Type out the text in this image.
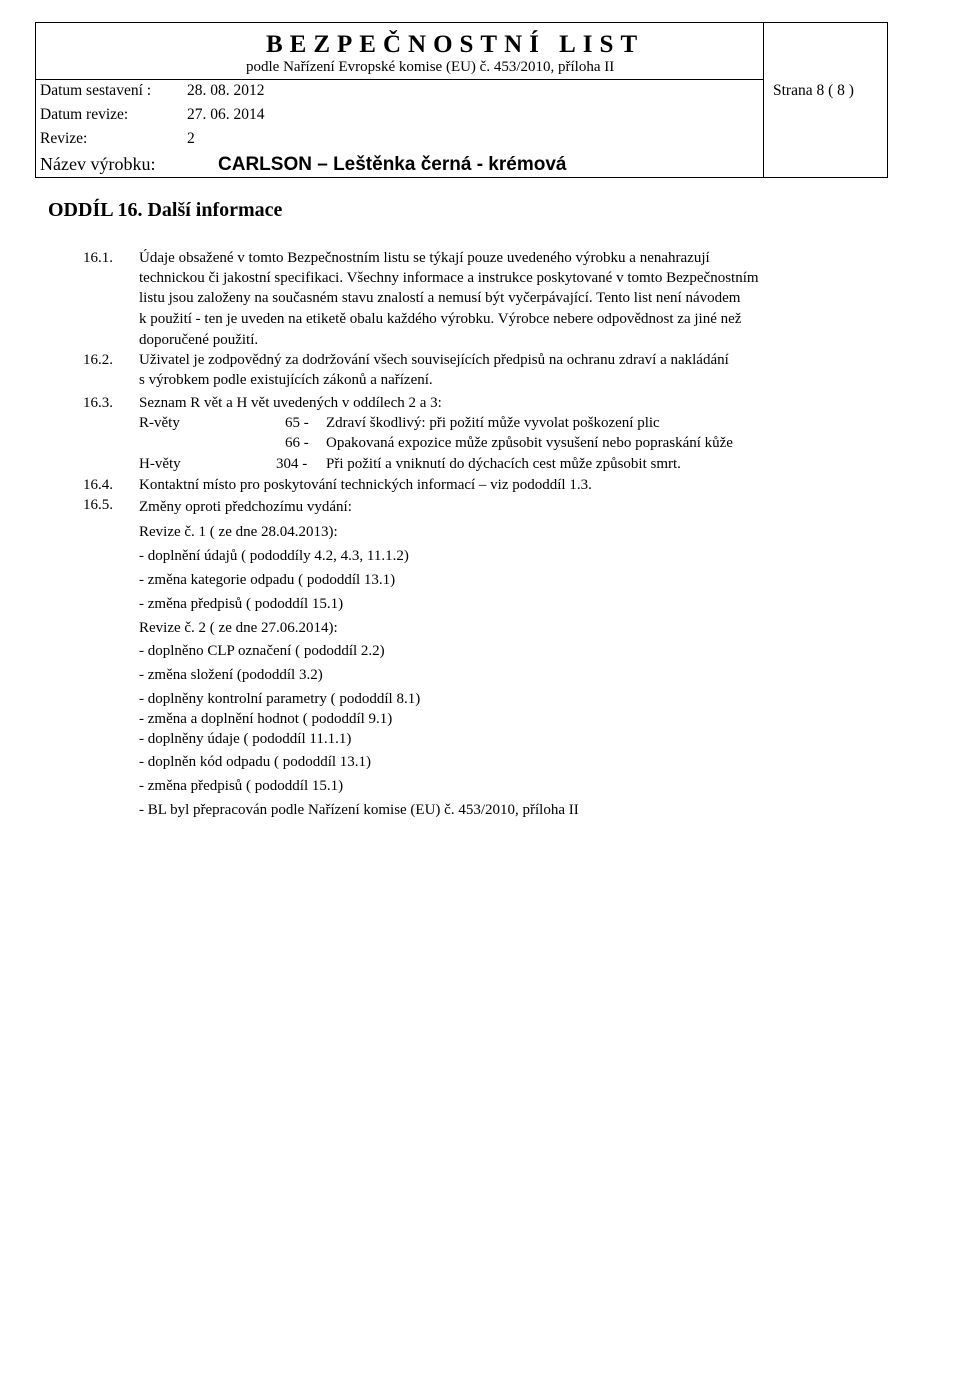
BEZPEČNOSTNÍ LIST
podle Nařízení Evropské komise (EU) č. 453/2010, příloha II
Datum sestavení : 28. 08. 2012
Datum revize:	27. 06. 2014
Revize:	2
Strana 8 ( 8 )
Název výrobku:	CARLSON – Leštěnka černá - krémová
ODDÍL 16. Další informace
16.1. Údaje obsažené v tomto Bezpečnostním listu se týkají pouze uvedeného výrobku a nenahrazují
technickou či jakostní specifikaci. Všechny informace a instrukce poskytované v tomto Bezpečnostním
listu jsou založeny na současném stavu znalostí a nemusí být vyčerpávající. Tento list není návodem
k použití - ten je uveden na etiketě obalu každého výrobku. Výrobce nebere odpovědnost za jiné než
doporučené použití.
16.2. Uživatel je zodpovědný za dodržování všech souvisejících předpisů na ochranu zdraví a nakládání
s výrobkem podle existujících zákonů a nařízení.
16.3. Seznam R vět a H vět uvedených v oddílech 2 a 3:
R-věty	65 - Zdraví škodlivý: při požití může vyvolat poškození plic
66 - Opakovaná expozice může způsobit vysušení nebo popraskání kůže
H-věty	304 - Při požití a vniknutí do dýchacích cest může způsobit smrt.
16.4. Kontaktní místo pro poskytování technických informací – viz pododdíl 1.3.
16.5. Změny oproti předchozímu vydání:
Revize č. 1 ( ze dne 28.04.2013):
- doplnění údajů ( pododdíly 4.2, 4.3, 11.1.2)
- změna kategorie odpadu ( pododdíl 13.1)
- změna předpisů ( pododdíl 15.1)
Revize č. 2 ( ze dne 27.06.2014):
- doplněno CLP označení ( pododdíl 2.2)
- změna složení (pododdíl 3.2)
- doplněny kontrolní parametry ( pododdíl 8.1)
- změna a doplnění hodnot ( pododdíl 9.1)
- doplněny údaje ( pododdíl 11.1.1)
- doplněn kód odpadu ( pododdíl 13.1)
- změna předpisů ( pododdíl 15.1)
- BL byl přepracován podle Nařízení komise (EU) č. 453/2010, příloha II
